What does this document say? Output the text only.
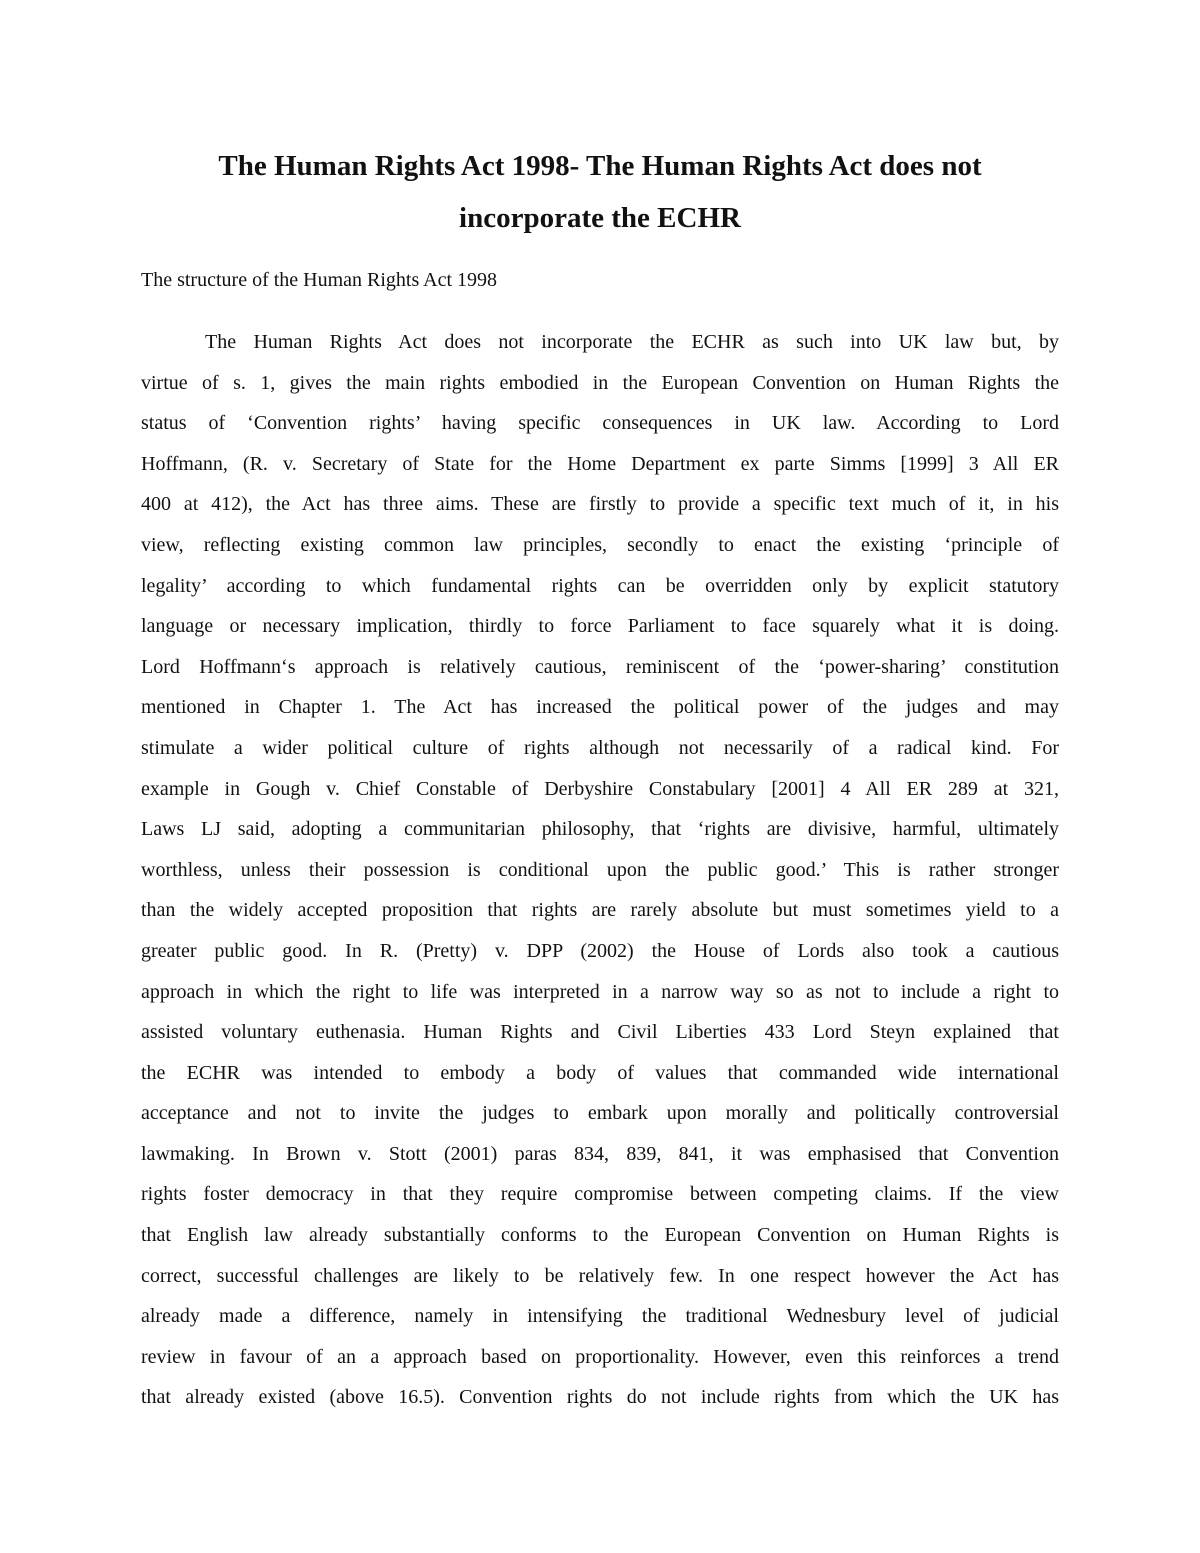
The Human Rights Act 1998- The Human Rights Act does not
incorporate the ECHR
The structure of the Human Rights Act 1998
The Human Rights Act does not incorporate the ECHR as such into UK law but, by
virtue of s. 1, gives the main rights embodied in the European Convention on Human Rights the
status of ‘Convention rights’ having specific consequences in UK law. According to Lord
Hoffmann, (R. v. Secretary of State for the Home Department ex parte Simms [1999] 3 All ER
400 at 412), the Act has three aims. These are firstly to provide a specific text much of it, in his
view, reflecting existing common law principles, secondly to enact the existing ‘principle of
legality’ according to which fundamental rights can be overridden only by explicit statutory
language or necessary implication, thirdly to force Parliament to face squarely what it is doing.
Lord Hoffmann‘s approach is relatively cautious, reminiscent of the ‘power-sharing’ constitution
mentioned in Chapter 1. The Act has increased the political power of the judges and may
stimulate a wider political culture of rights although not necessarily of a radical kind. For
example in Gough v. Chief Constable of Derbyshire Constabulary [2001] 4 All ER 289 at 321,
Laws LJ said, adopting a communitarian philosophy, that ‘rights are divisive, harmful, ultimately
worthless, unless their possession is conditional upon the public good.’ This is rather stronger
than the widely accepted proposition that rights are rarely absolute but must sometimes yield to a
greater public good. In R. (Pretty) v. DPP (2002) the House of Lords also took a cautious
approach in which the right to life was interpreted in a narrow way so as not to include a right to
assisted voluntary euthenasia. Human Rights and Civil Liberties 433 Lord Steyn explained that
the ECHR was intended to embody a body of values that commanded wide international
acceptance and not to invite the judges to embark upon morally and politically controversial
lawmaking. In Brown v. Stott (2001) paras 834, 839, 841, it was emphasised that Convention
rights foster democracy in that they require compromise between competing claims. If the view
that English law already substantially conforms to the European Convention on Human Rights is
correct, successful challenges are likely to be relatively few. In one respect however the Act has
already made a difference, namely in intensifying the traditional Wednesbury level of judicial
review in favour of an a approach based on proportionality. However, even this reinforces a trend
that already existed (above 16.5). Convention rights do not include rights from which the UK has
